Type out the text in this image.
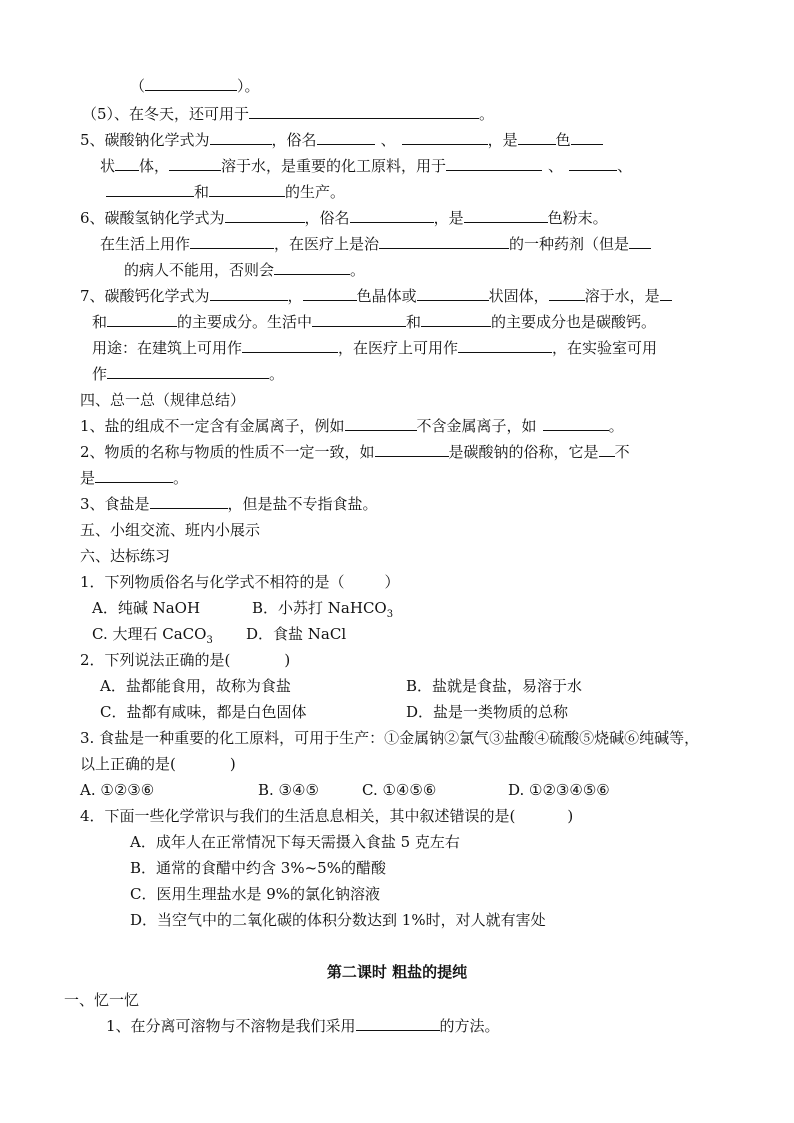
（	）。
（5）、在冬天，还可用于	。
5、碳酸钠化学式为	，俗名	、	，是	色
状 体，	溶于水，是重要的化工原料，用于	、	、
和	的生产。
6、碳酸氢钠化学式为	，俗名	，是	色粉末。
在生活上用作	，在医疗上是治	的一种药剂（但是
的病人不能用，否则会	。
7、碳酸钙化学式为	，	色晶体或	状固体， 溶于水，是
和	的主要成分。生活中	和	的主要成分也是碳酸钙。
用途：在建筑上可用作	，在医疗上可用作	，在实验室可用
作	。
四、总一总（规律总结）
1、盐的组成不一定含有金属离子，例如	不含金属离子，如	。
2、物质的名称与物质的性质不一定一致，如	是碳酸钠的俗称，它是 不
是	。
3、食盐是	，但是盐不专指食盐。
五、小组交流、班内小展示
六、达标练习
1．下列物质俗名与化学式不相符的是（	）
A．纯碱 NaOH	B．小苏打 NaHCO$_3$
C. 大理石 CaCO$_3$ D．食盐 NaCl
2．下列说法正确的是(	)
A．盐都能食用，故称为食盐	B．盐就是食盐，易溶于水
C．盐都有咸味，都是白色固体	D．盐是一类物质的总称
3. 食盐是一种重要的化工原料，可用于生产：①金属钠②氯气③盐酸④硫酸⑤烧碱⑥纯碱等，
以上正确的是(	)
A. ①②③⑥	B. ③④⑤	C. ①④⑤⑥	D. ①②③④⑤⑥
4．下面一些化学常识与我们的生活息息相关，其中叙述错误的是(	)
A．成年人在正常情况下每天需摄入食盐 5 克左右
B．通常的食醋中约含 3%~5%的醋酸
C．医用生理盐水是 9%的氯化钠溶液
D．当空气中的二氧化碳的体积分数达到 1%时，对人就有害处
第二课时 粗盐的提纯
一、忆一忆
1、在分离可溶物与不溶物是我们采用	的方法。
